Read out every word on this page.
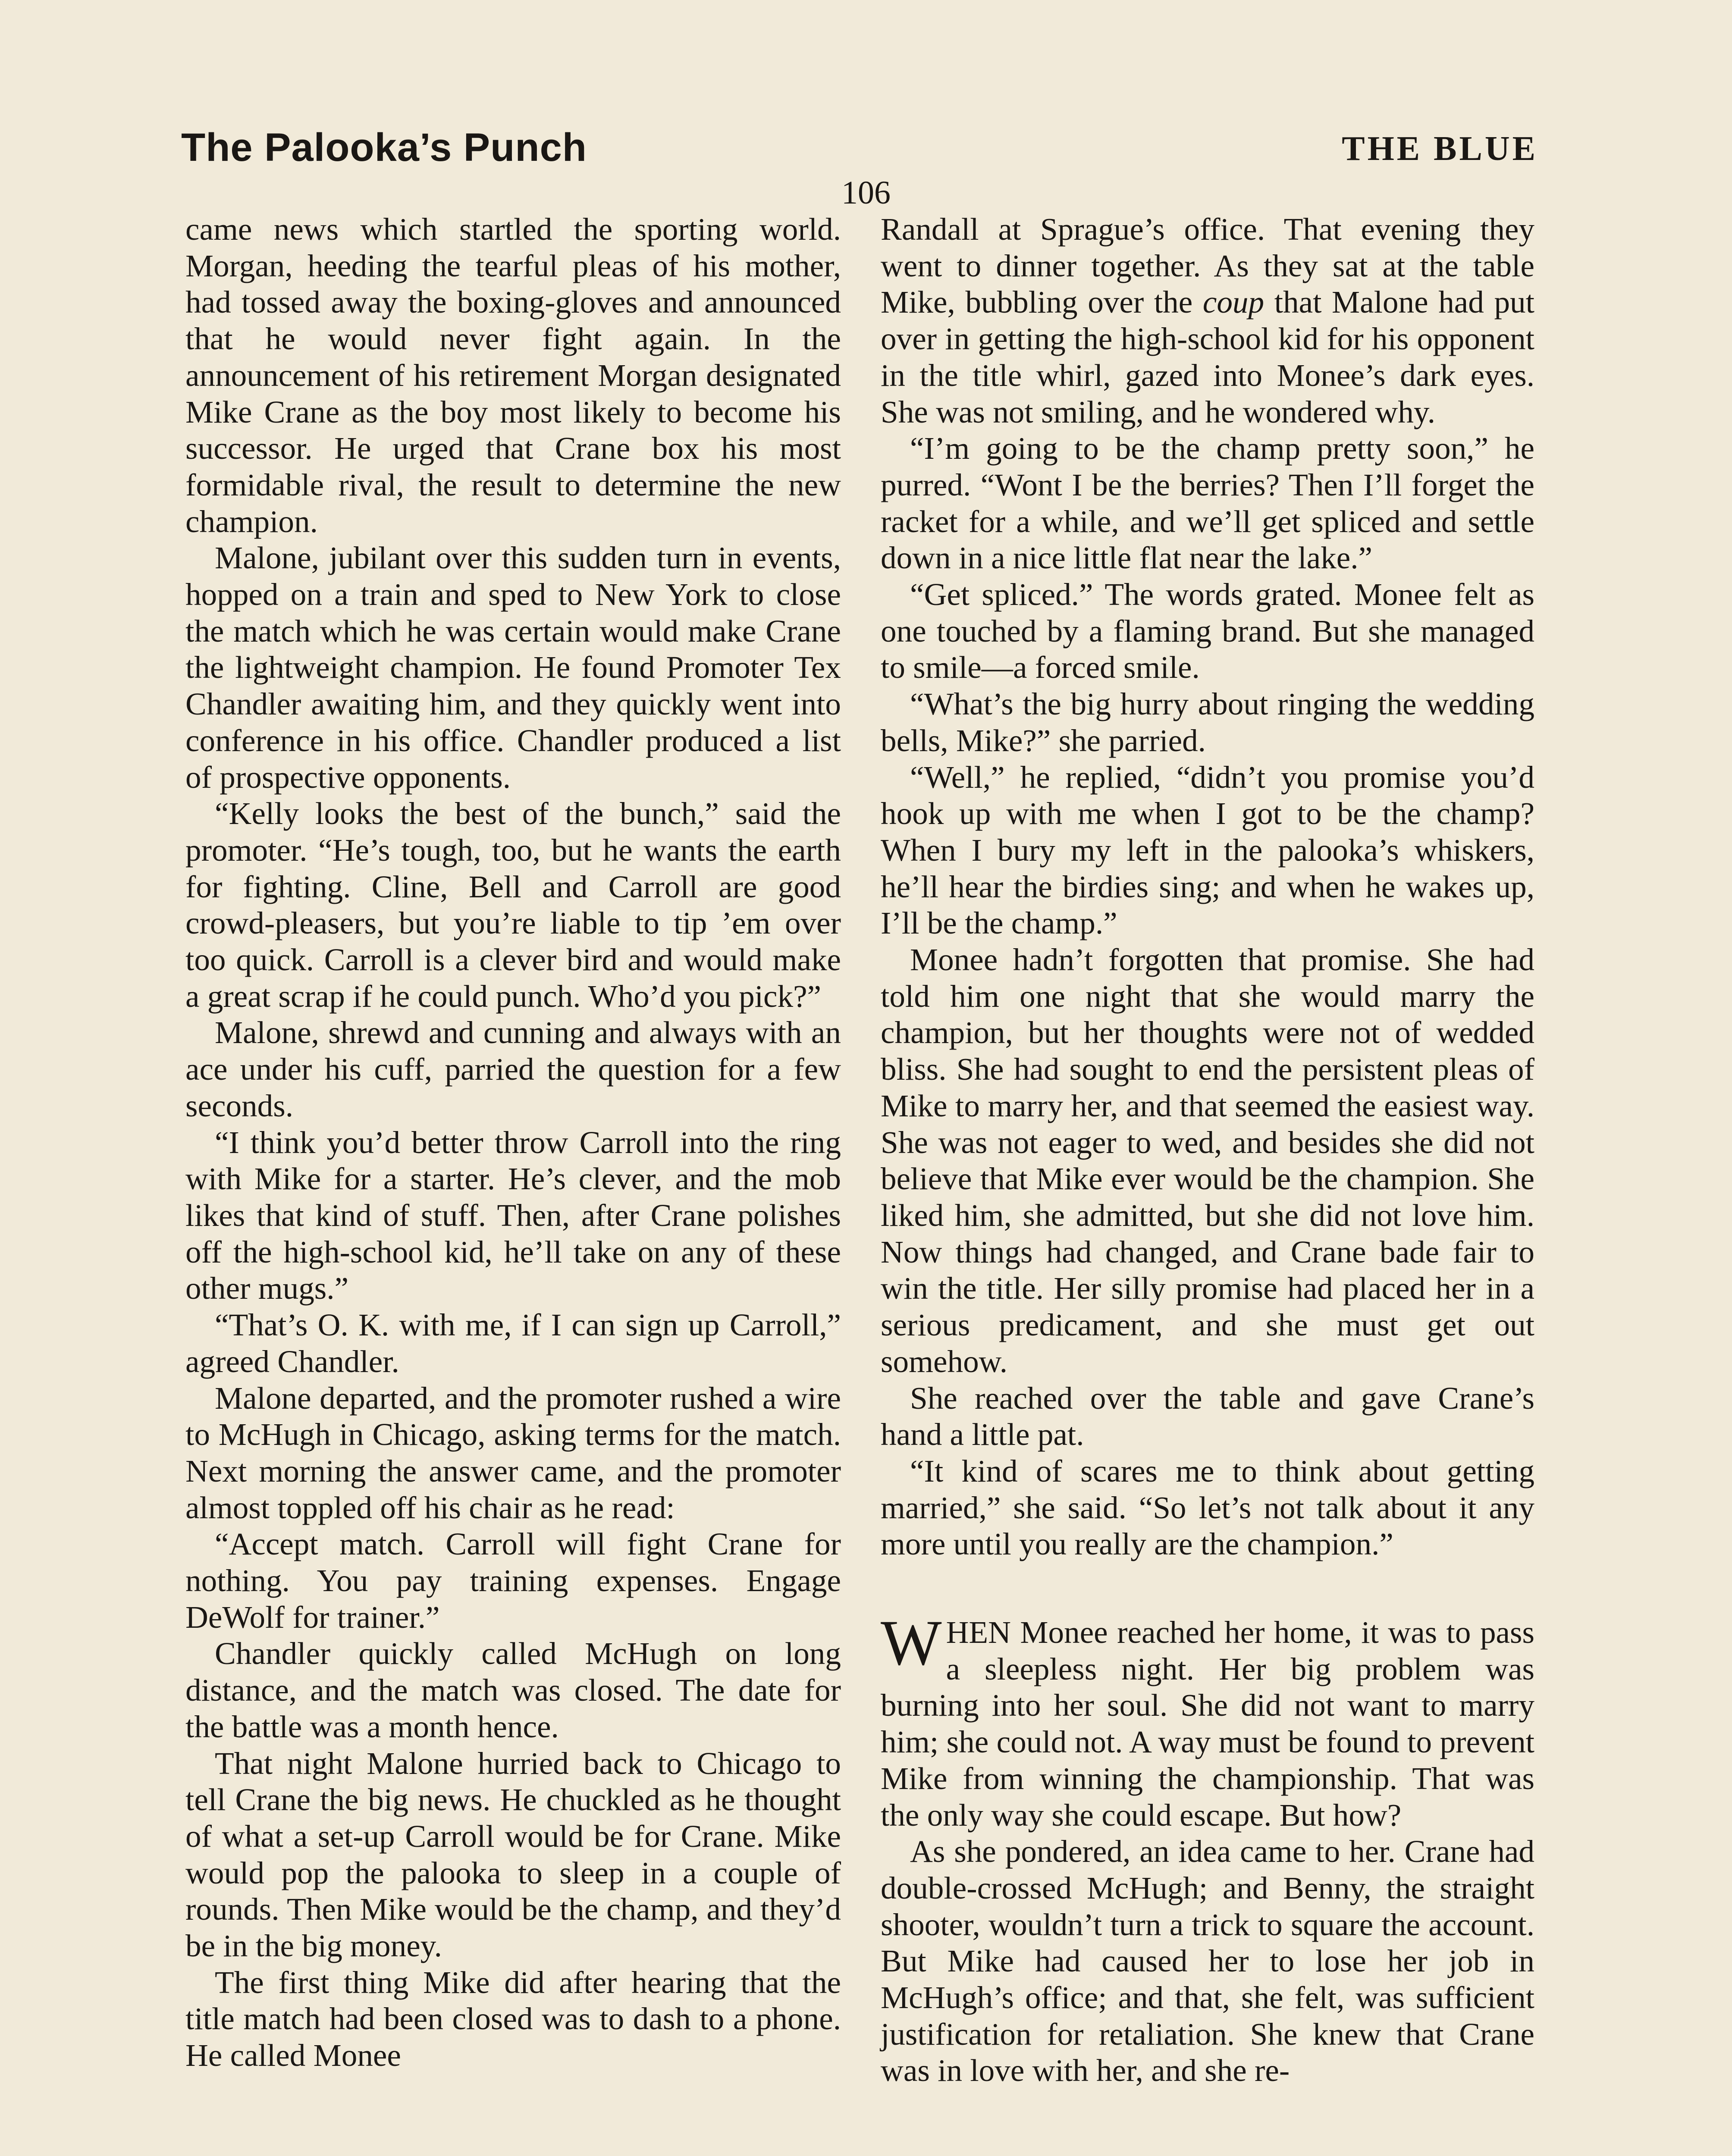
The Palooka’s Punch	THE BLUE
106

came news which startled the sporting world. Morgan, heeding the tearful pleas of his mother, had tossed away the boxing-gloves and announced that he would never fight again. In the announcement of his retirement Morgan designated Mike Crane as the boy most likely to become his successor. He urged that Crane box his most formidable rival, the result to determine the new champion.

Malone, jubilant over this sudden turn in events, hopped on a train and sped to New York to close the match which he was certain would make Crane the lightweight champion. He found Promoter Tex Chandler awaiting him, and they quickly went into conference in his office. Chandler produced a list of prospective opponents.

“Kelly looks the best of the bunch,” said the promoter. “He’s tough, too, but he wants the earth for fighting. Cline, Bell and Carroll are good crowd-pleasers, but you’re liable to tip ’em over too quick. Carroll is a clever bird and would make a great scrap if he could punch. Who’d you pick?”

Malone, shrewd and cunning and always with an ace under his cuff, parried the question for a few seconds.

“I think you’d better throw Carroll into the ring with Mike for a starter. He’s clever, and the mob likes that kind of stuff. Then, after Crane polishes off the high-school kid, he’ll take on any of these other mugs.”

“That’s O. K. with me, if I can sign up Carroll,” agreed Chandler.

Malone departed, and the promoter rushed a wire to McHugh in Chicago, asking terms for the match. Next morning the answer came, and the promoter almost toppled off his chair as he read:

“Accept match. Carroll will fight Crane for nothing. You pay training expenses. Engage DeWolf for trainer.”

Chandler quickly called McHugh on long distance, and the match was closed. The date for the battle was a month hence.

That night Malone hurried back to Chicago to tell Crane the big news. He chuckled as he thought of what a set-up Carroll would be for Crane. Mike would pop the palooka to sleep in a couple of rounds. Then Mike would be the champ, and they’d be in the big money.

The first thing Mike did after hearing that the title match had been closed was to dash to a phone. He called Monee

Randall at Sprague’s office. That evening they went to dinner together. As they sat at the table Mike, bubbling over the coup that Malone had put over in getting the high-school kid for his opponent in the title whirl, gazed into Monee’s dark eyes. She was not smiling, and he wondered why.

“I’m going to be the champ pretty soon,” he purred. “Wont I be the berries? Then I’ll forget the racket for a while, and we’ll get spliced and settle down in a nice little flat near the lake.”

“Get spliced.” The words grated. Monee felt as one touched by a flaming brand. But she managed to smile—a forced smile.

“What’s the big hurry about ringing the wedding bells, Mike?” she parried.

“Well,” he replied, “didn’t you promise you’d hook up with me when I got to be the champ? When I bury my left in the palooka’s whiskers, he’ll hear the birdies sing; and when he wakes up, I’ll be the champ.”

Monee hadn’t forgotten that promise. She had told him one night that she would marry the champion, but her thoughts were not of wedded bliss. She had sought to end the persistent pleas of Mike to marry her, and that seemed the easiest way. She was not eager to wed, and besides she did not believe that Mike ever would be the champion. She liked him, she admitted, but she did not love him. Now things had changed, and Crane bade fair to win the title. Her silly promise had placed her in a serious predicament, and she must get out somehow.

She reached over the table and gave Crane’s hand a little pat.

“It kind of scares me to think about getting married,” she said. “So let’s not talk about it any more until you really are the champion.”

WHEN Monee reached her home, it was to pass a sleepless night. Her big problem was burning into her soul. She did not want to marry him; she could not. A way must be found to prevent Mike from winning the championship. That was the only way she could escape. But how?

As she pondered, an idea came to her. Crane had double-crossed McHugh; and Benny, the straight shooter, wouldn’t turn a trick to square the account. But Mike had caused her to lose her job in McHugh’s office; and that, she felt, was sufficient justification for retaliation. She knew that Crane was in love with her, and she re-
